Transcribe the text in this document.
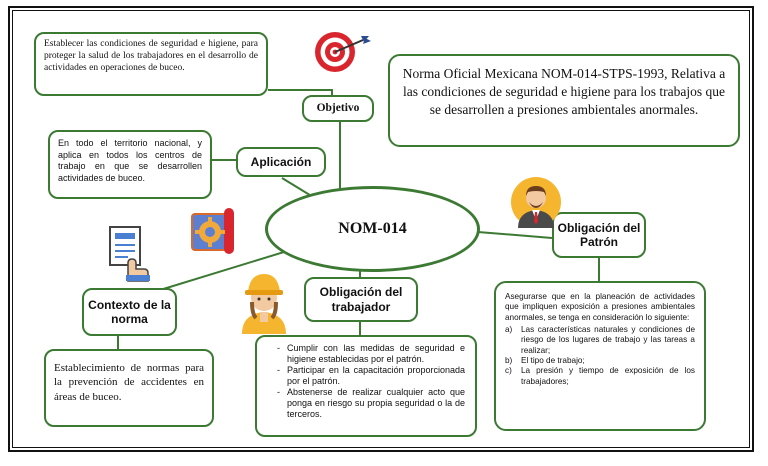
Norma Oficial Mexicana NOM-014-STPS-1993, Relativa a las condiciones de seguridad e higiene para los trabajos que se desarrollen a presiones ambientales anormales.
Establecer las condiciones de seguridad e higiene, para proteger la salud de los trabajadores en el desarrollo de actividades en operaciones de buceo.
Objetivo
En todo el territorio nacional, y aplica en todos los centros de trabajo en que se desarrollen actividades de buceo.
Aplicación
NOM-014
Contexto de la norma
Establecimiento de normas para la prevención de accidentes en áreas de buceo.
Obligación del trabajador
- Cumplir con las medidas de seguridad e higiene establecidas por el patrón.
- Participar en la capacitación proporcionada por el patrón.
- Abstenerse de realizar cualquier acto que ponga en riesgo su propia seguridad o la de terceros.
Obligación del Patrón
Asegurarse que en la planeación de actividades que impliquen exposición a presiones ambientales anormales, se tenga en consideración lo siguiente:
a) Las características naturales y condiciones de riesgo de los lugares de trabajo y las tareas a realizar;
b) El tipo de trabajo;
c) La presión y tiempo de exposición de los trabajadores;
